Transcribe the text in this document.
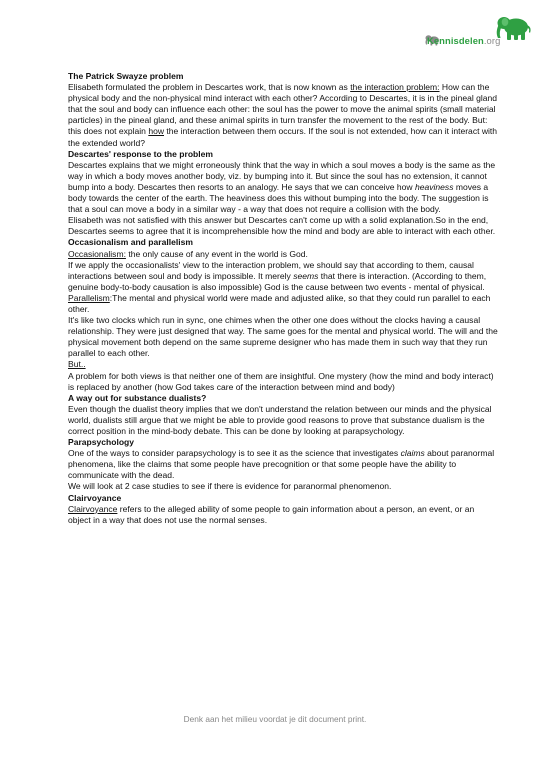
Kennisdelen.org

The Patrick Swayze problem

Elisabeth formulated the problem in Descartes work, that is now known as the interaction problem: How can the physical body and the non-physical mind interact with each other? According to Descartes, it is in the pineal gland that the soul and body can influence each other: the soul has the power to move the animal spirits (small material particles) in the pineal gland, and these animal spirits in turn transfer the movement to the rest of the body. But: this does not explain how the interaction between them occurs. If the soul is not extended, how can it interact with the extended world?

Descartes' response to the problem

Descartes explains that we might erroneously think that the way in which a soul moves a body is the same as the way in which a body moves another body, viz. by bumping into it. But since the soul has no extension, it cannot bump into a body. Descartes then resorts to an analogy. He says that we can conceive how heaviness moves a body towards the center of the earth. The heaviness does this without bumping into the body. The suggestion is that a soul can move a body in a similar way - a way that does not require a collision with the body.

Elisabeth was not satisfied with this answer but Descartes can't come up with a solid explanation.So in the end, Descartes seems to agree that it is incomprehensible how the mind and body are able to interact with each other.

Occasionalism and parallelism

Occasionalism: the only cause of any event in the world is God.

If we apply the occasionalists' view to the interaction problem, we should say that according to them, causal interactions between soul and body is impossible. It merely seems that there is interaction. (According to them, genuine body-to-body causation is also impossible) God is the cause between two events - mental of physical.

Parallelism:The mental and physical world were made and adjusted alike, so that they could run parallel to each other.

It's like two clocks which run in sync, one chimes when the other one does without the clocks having a causal relationship. They were just designed that way. The same goes for the mental and physical world. The will and the physical movement both depend on the same supreme designer who has made them in such way that they run parallel to each other.

But..

A problem for both views is that neither one of them are insightful. One mystery (how the mind and body interact) is replaced by another (how God takes care of the interaction between mind and body)

A way out for substance dualists?

Even though the dualist theory implies that we don't understand the relation between our minds and the physical world, dualists still argue that we might be able to provide good reasons to prove that substance dualism is the correct position in the mind-body debate. This can be done by looking at parapsychology.

Parapsychology

One of the ways to consider parapsychology is to see it as the science that investigates claims about paranormal phenomena, like the claims that some people have precognition or that some people have the ability to communicate with the dead.

We will look at 2 case studies to see if there is evidence for paranormal phenomenon.

Clairvoyance

Clairvoyance refers to the alleged ability of some people to gain information about a person, an event, or an object in a way that does not use the normal senses.

Denk aan het milieu voordat je dit document print.
